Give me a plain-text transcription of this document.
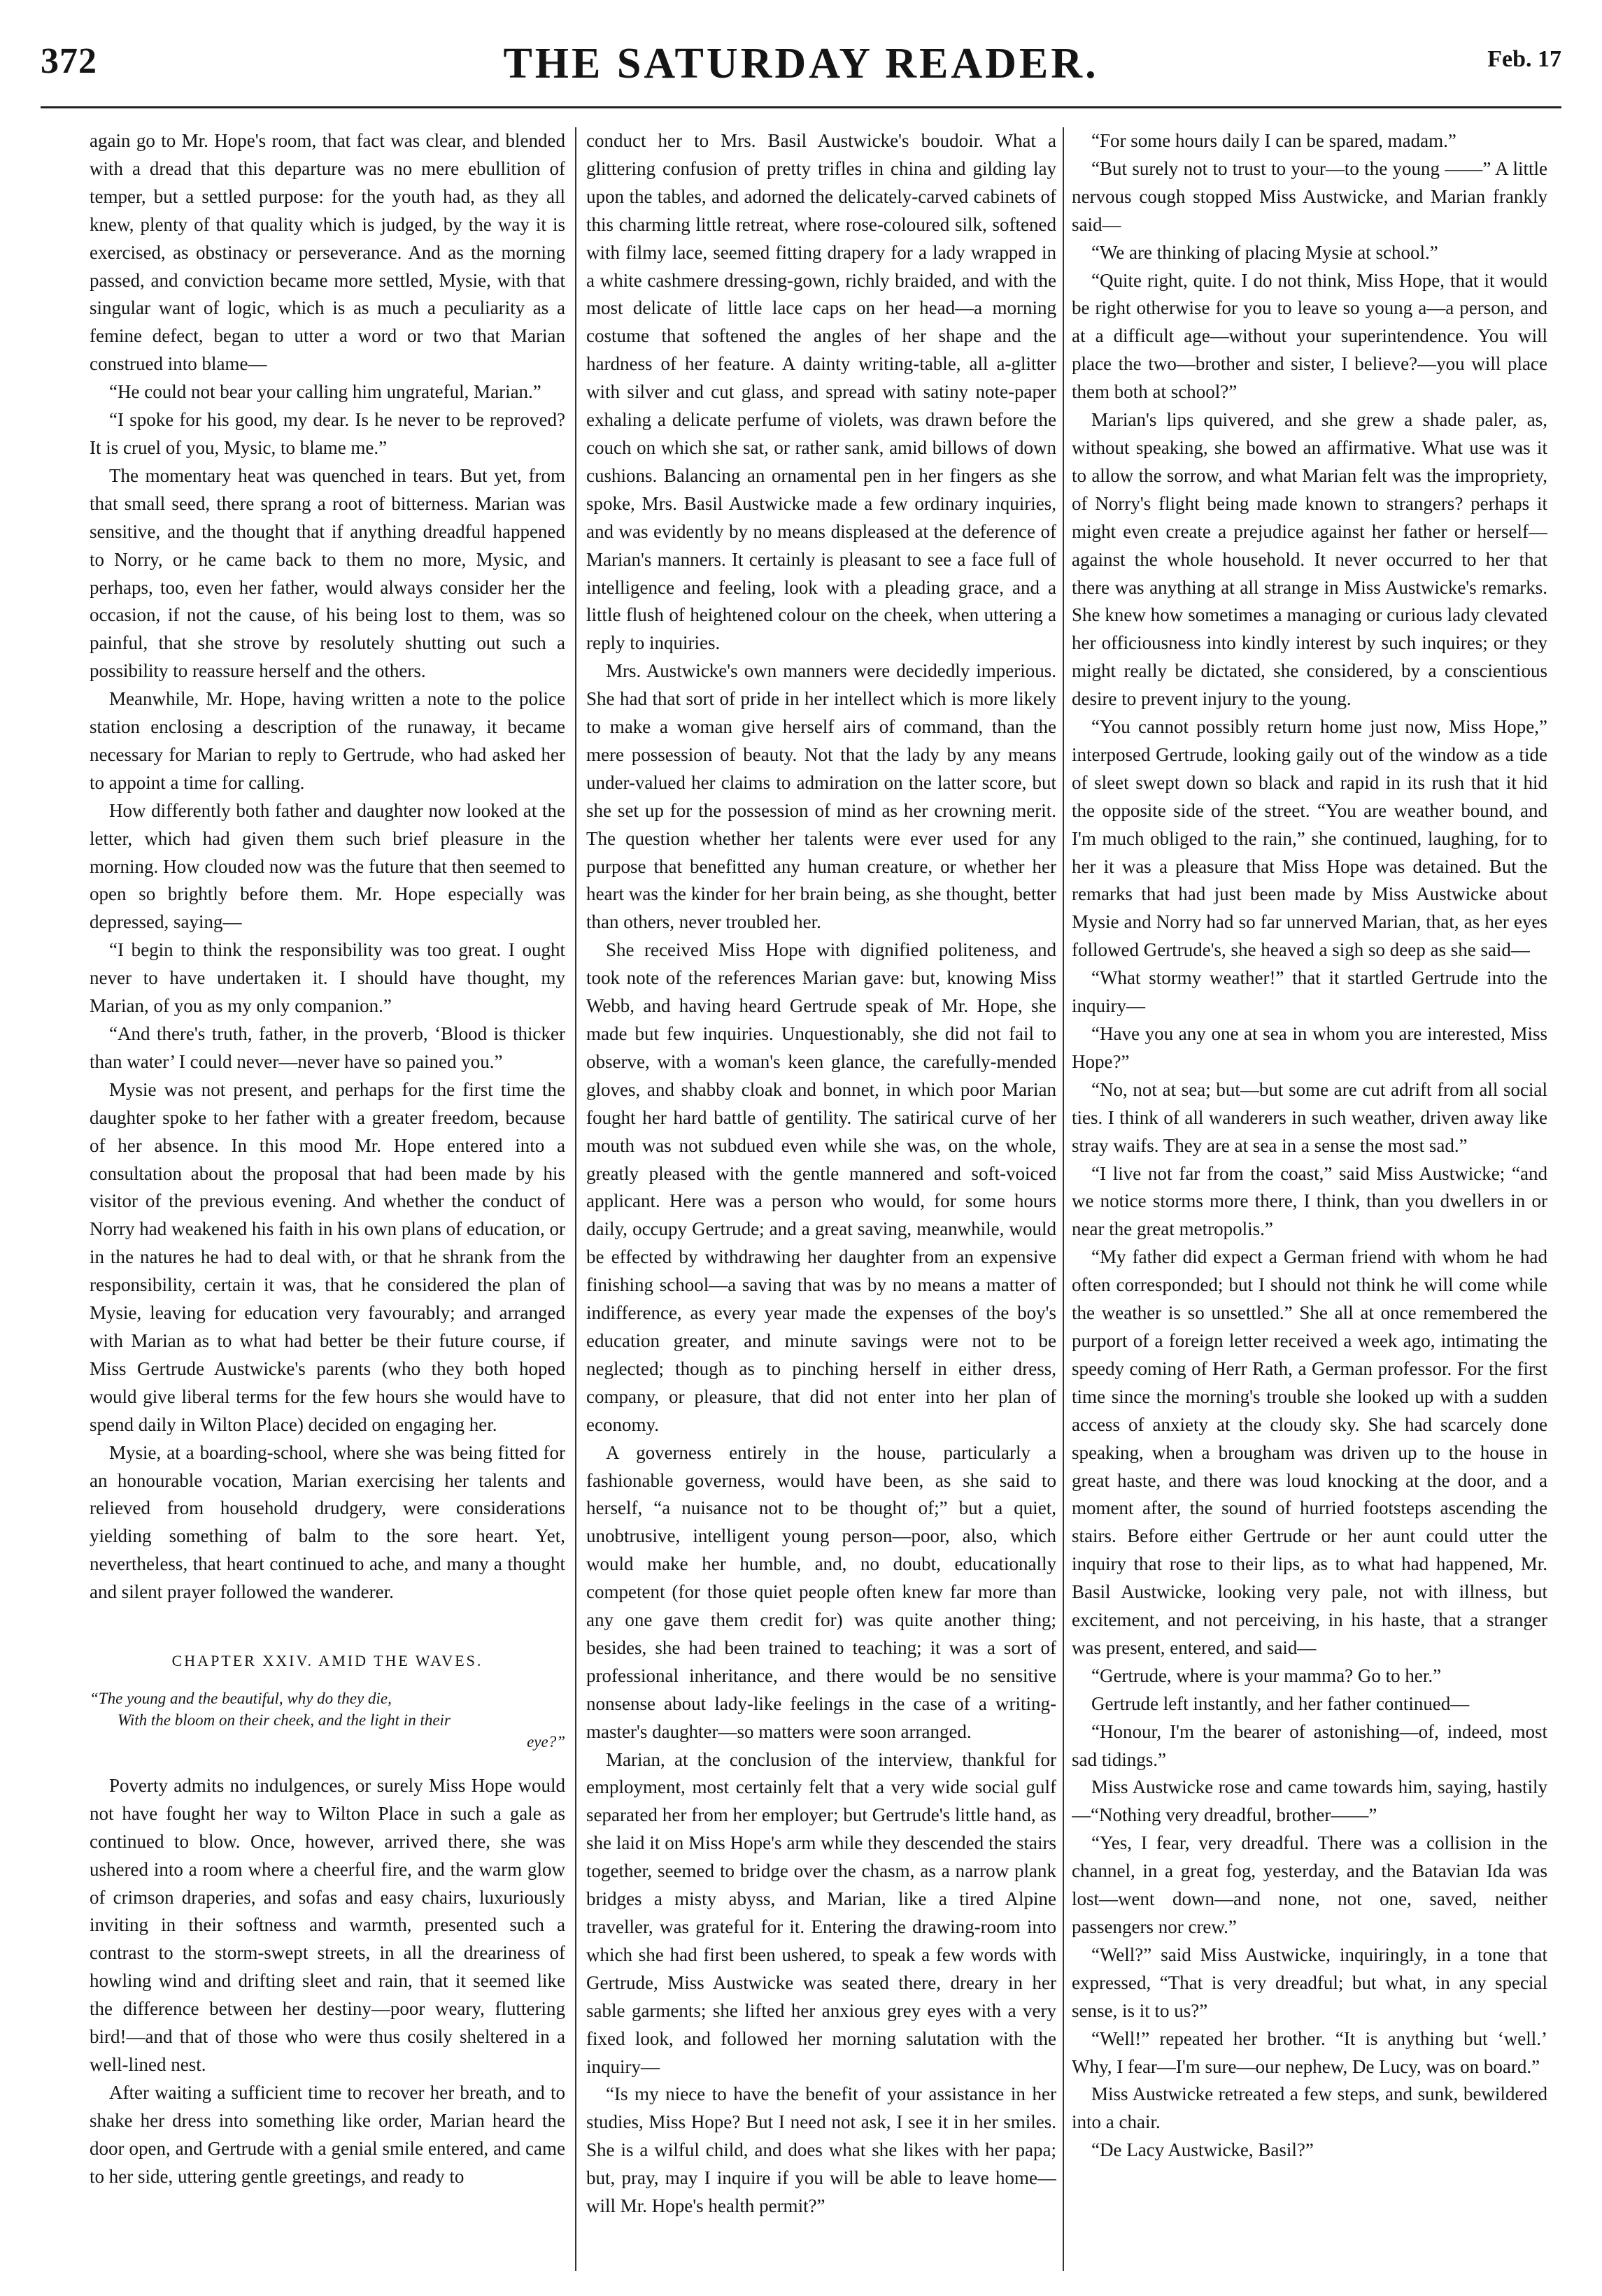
372	THE SATURDAY READER.	Feb. 17

again go to Mr. Hope's room, that fact was clear, and blended with a dread that this departure was no mere ebullition of temper, but a settled purpose: for the youth had, as they all knew, plenty of that quality which is judged, by the way it is exercised, as obstinacy or perseverance. And as the morning passed, and conviction became more settled, Mysie, with that singular want of logic, which is as much a peculiarity as a femine defect, began to utter a word or two that Marian construed into blame—

“He could not bear your calling him ungrateful, Marian.”

“I spoke for his good, my dear. Is he never to be reproved? It is cruel of you, Mysic, to blame me.”

The momentary heat was quenched in tears. But yet, from that small seed, there sprang a root of bitterness. Marian was sensitive, and the thought that if anything dreadful happened to Norry, or he came back to them no more, Mysic, and perhaps, too, even her father, would always consider her the occasion, if not the cause, of his being lost to them, was so painful, that she strove by resolutely shutting out such a possibility to reassure herself and the others.

Meanwhile, Mr. Hope, having written a note to the police station enclosing a description of the runaway, it became necessary for Marian to reply to Gertrude, who had asked her to appoint a time for calling.

How differently both father and daughter now looked at the letter, which had given them such brief pleasure in the morning. How clouded now was the future that then seemed to open so brightly before them. Mr. Hope especially was depressed, saying—

“I begin to think the responsibility was too great. I ought never to have undertaken it. I should have thought, my Marian, of you as my only companion.”

“And there's truth, father, in the proverb, ‘Blood is thicker than water’ I could never—never have so pained you.”

Mysie was not present, and perhaps for the first time the daughter spoke to her father with a greater freedom, because of her absence. In this mood Mr. Hope entered into a consultation about the proposal that had been made by his visitor of the previous evening. And whether the conduct of Norry had weakened his faith in his own plans of education, or in the natures he had to deal with, or that he shrank from the responsibility, certain it was, that he considered the plan of Mysie, leaving for education very favourably; and arranged with Marian as to what had better be their future course, if Miss Gertrude Austwicke's parents (who they both hoped would give liberal terms for the few hours she would have to spend daily in Wilton Place) decided on engaging her.

Mysie, at a boarding-school, where she was being fitted for an honourable vocation, Marian exercising her talents and relieved from household drudgery, were considerations yielding something of balm to the sore heart. Yet, nevertheless, that heart continued to ache, and many a thought and silent prayer followed the wanderer.

CHAPTER XXIV. AMID THE WAVES.
“The young and the beautiful, why do they die,
With the bloom on their cheek, and the light in their
eye?”

Poverty admits no indulgences, or surely Miss Hope would not have fought her way to Wilton Place in such a gale as continued to blow. Once, however, arrived there, she was ushered into a room where a cheerful fire, and the warm glow of crimson draperies, and sofas and easy chairs, luxuriously inviting in their softness and warmth, presented such a contrast to the storm-swept streets, in all the dreariness of howling wind and drifting sleet and rain, that it seemed like the difference between her destiny—poor weary, fluttering bird!—and that of those who were thus cosily sheltered in a well-lined nest.

After waiting a sufficient time to recover her breath, and to shake her dress into something like order, Marian heard the door open, and Gertrude with a genial smile entered, and came to her side, uttering gentle greetings, and ready to

conduct her to Mrs. Basil Austwicke's boudoir. What a glittering confusion of pretty trifles in china and gilding lay upon the tables, and adorned the delicately-carved cabinets of this charming little retreat, where rose-coloured silk, softened with filmy lace, seemed fitting drapery for a lady wrapped in a white cashmere dressing-gown, richly braided, and with the most delicate of little lace caps on her head—a morning costume that softened the angles of her shape and the hardness of her feature. A dainty writing-table, all a-glitter with silver and cut glass, and spread with satiny note-paper exhaling a delicate perfume of violets, was drawn before the couch on which she sat, or rather sank, amid billows of down cushions. Balancing an ornamental pen in her fingers as she spoke, Mrs. Basil Austwicke made a few ordinary inquiries, and was evidently by no means displeased at the deference of Marian's manners. It certainly is pleasant to see a face full of intelligence and feeling, look with a pleading grace, and a little flush of heightened colour on the cheek, when uttering a reply to inquiries.

Mrs. Austwicke's own manners were decidedly imperious. She had that sort of pride in her intellect which is more likely to make a woman give herself airs of command, than the mere possession of beauty. Not that the lady by any means under-valued her claims to admiration on the latter score, but she set up for the possession of mind as her crowning merit. The question whether her talents were ever used for any purpose that benefitted any human creature, or whether her heart was the kinder for her brain being, as she thought, better than others, never troubled her.

She received Miss Hope with dignified politeness, and took note of the references Marian gave: but, knowing Miss Webb, and having heard Gertrude speak of Mr. Hope, she made but few inquiries. Unquestionably, she did not fail to observe, with a woman's keen glance, the carefully-mended gloves, and shabby cloak and bonnet, in which poor Marian fought her hard battle of gentility. The satirical curve of her mouth was not subdued even while she was, on the whole, greatly pleased with the gentle mannered and soft-voiced applicant. Here was a person who would, for some hours daily, occupy Gertrude; and a great saving, meanwhile, would be effected by withdrawing her daughter from an expensive finishing school—a saving that was by no means a matter of indifference, as every year made the expenses of the boy's education greater, and minute savings were not to be neglected; though as to pinching herself in either dress, company, or pleasure, that did not enter into her plan of economy.

A governess entirely in the house, particularly a fashionable governess, would have been, as she said to herself, “a nuisance not to be thought of;” but a quiet, unobtrusive, intelligent young person—poor, also, which would make her humble, and, no doubt, educationally competent (for those quiet people often knew far more than any one gave them credit for) was quite another thing; besides, she had been trained to teaching; it was a sort of professional inheritance, and there would be no sensitive nonsense about lady-like feelings in the case of a writing-master's daughter—so matters were soon arranged.

Marian, at the conclusion of the interview, thankful for employment, most certainly felt that a very wide social gulf separated her from her employer; but Gertrude's little hand, as she laid it on Miss Hope's arm while they descended the stairs together, seemed to bridge over the chasm, as a narrow plank bridges a misty abyss, and Marian, like a tired Alpine traveller, was grateful for it. Entering the drawing-room into which she had first been ushered, to speak a few words with Gertrude, Miss Austwicke was seated there, dreary in her sable garments; she lifted her anxious grey eyes with a very fixed look, and followed her morning salutation with the inquiry—

“Is my niece to have the benefit of your assistance in her studies, Miss Hope? But I need not ask, I see it in her smiles. She is a wilful child, and does what she likes with her papa; but, pray, may I inquire if you will be able to leave home—will Mr. Hope's health permit?”

“For some hours daily I can be spared, madam.”

“But surely not to trust to your—to the young ——” A little nervous cough stopped Miss Austwicke, and Marian frankly said—

“We are thinking of placing Mysie at school.”

“Quite right, quite. I do not think, Miss Hope, that it would be right otherwise for you to leave so young a—a person, and at a difficult age—without your superintendence. You will place the two—brother and sister, I believe?—you will place them both at school?”

Marian's lips quivered, and she grew a shade paler, as, without speaking, she bowed an affirmative. What use was it to allow the sorrow, and what Marian felt was the impropriety, of Norry's flight being made known to strangers? perhaps it might even create a prejudice against her father or herself—against the whole household. It never occurred to her that there was anything at all strange in Miss Austwicke's remarks. She knew how sometimes a managing or curious lady clevated her officiousness into kindly interest by such inquires; or they might really be dictated, she considered, by a conscientious desire to prevent injury to the young.

“You cannot possibly return home just now, Miss Hope,” interposed Gertrude, looking gaily out of the window as a tide of sleet swept down so black and rapid in its rush that it hid the opposite side of the street. “You are weather bound, and I'm much obliged to the rain,” she continued, laughing, for to her it was a pleasure that Miss Hope was detained. But the remarks that had just been made by Miss Austwicke about Mysie and Norry had so far unnerved Marian, that, as her eyes followed Gertrude's, she heaved a sigh so deep as she said—

“What stormy weather!” that it startled Gertrude into the inquiry—

“Have you any one at sea in whom you are interested, Miss Hope?”

“No, not at sea; but—but some are cut adrift from all social ties. I think of all wanderers in such weather, driven away like stray waifs. They are at sea in a sense the most sad.”

“I live not far from the coast,” said Miss Austwicke; “and we notice storms more there, I think, than you dwellers in or near the great metropolis.”

“My father did expect a German friend with whom he had often corresponded; but I should not think he will come while the weather is so unsettled.” She all at once remembered the purport of a foreign letter received a week ago, intimating the speedy coming of Herr Rath, a German professor. For the first time since the morning's trouble she looked up with a sudden access of anxiety at the cloudy sky. She had scarcely done speaking, when a brougham was driven up to the house in great haste, and there was loud knocking at the door, and a moment after, the sound of hurried footsteps ascending the stairs. Before either Gertrude or her aunt could utter the inquiry that rose to their lips, as to what had happened, Mr. Basil Austwicke, looking very pale, not with illness, but excitement, and not perceiving, in his haste, that a stranger was present, entered, and said—

“Gertrude, where is your mamma? Go to her.”

Gertrude left instantly, and her father continued—

“Honour, I'm the bearer of astonishing—of, indeed, most sad tidings.”

Miss Austwicke rose and came towards him, saying, hastily—“Nothing very dreadful, brother——”

“Yes, I fear, very dreadful. There was a collision in the channel, in a great fog, yesterday, and the Batavian Ida was lost—went down—and none, not one, saved, neither passengers nor crew.”

“Well?” said Miss Austwicke, inquiringly, in a tone that expressed, “That is very dreadful; but what, in any special sense, is it to us?”

“Well!” repeated her brother. “It is anything but ‘well.’ Why, I fear—I'm sure—our nephew, De Lucy, was on board.”

Miss Austwicke retreated a few steps, and sunk, bewildered into a chair.

“De Lacy Austwicke, Basil?”
